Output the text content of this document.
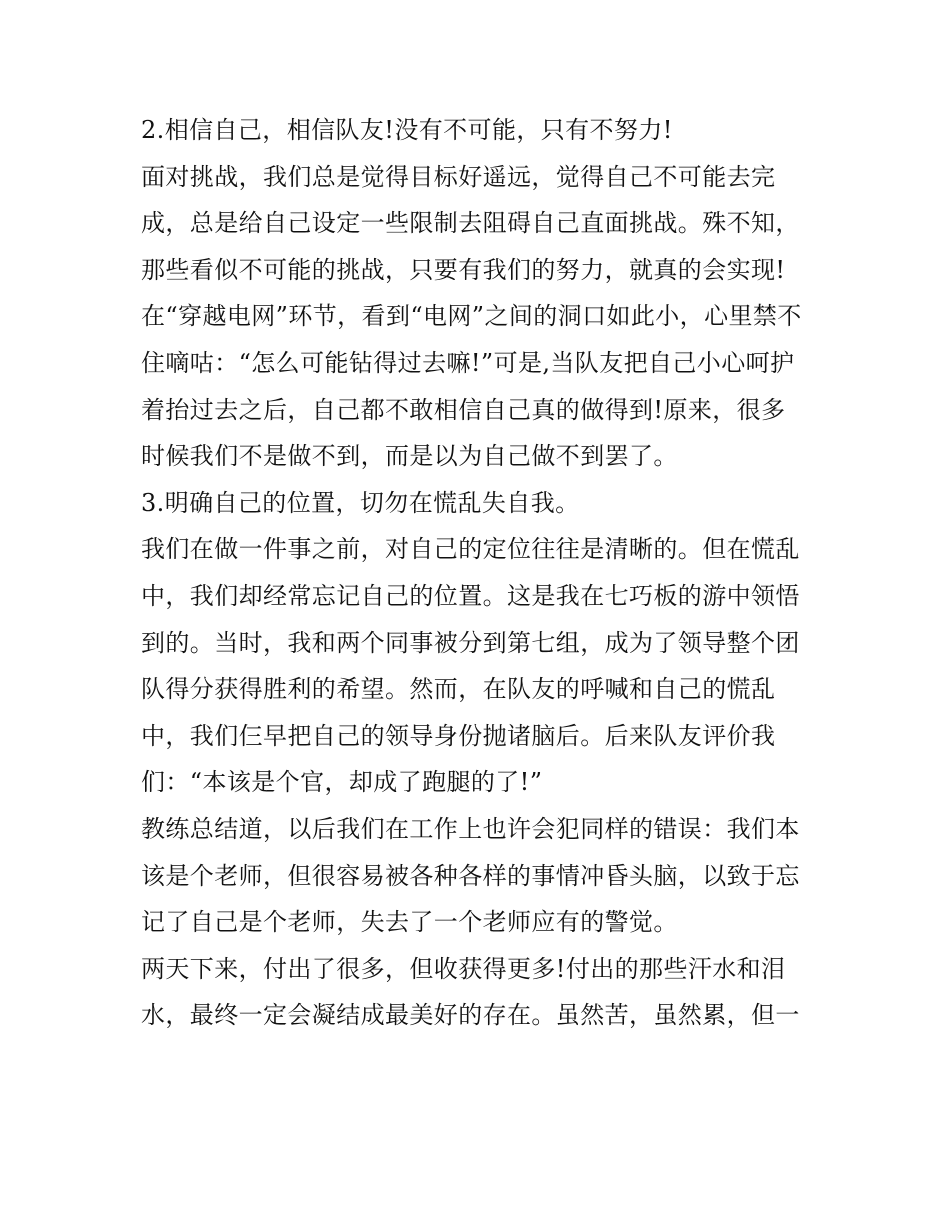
2.相信自己，相信队友!没有不可能，只有不努力!
面对挑战，我们总是觉得目标好遥远，觉得自己不可能去完
成，总是给自己设定一些限制去阻碍自己直面挑战。殊不知，
那些看似不可能的挑战，只要有我们的努力，就真的会实现!
在“穿越电网”环节，看到“电网”之间的洞口如此小，心里禁不
住嘀咕：“怎么可能钻得过去嘛!”可是,当队友把自己小心呵护
着抬过去之后，自己都不敢相信自己真的做得到!原来，很多
时候我们不是做不到，而是以为自己做不到罢了。
3.明确自己的位置，切勿在慌乱失自我。
我们在做一件事之前，对自己的定位往往是清晰的。但在慌乱
中，我们却经常忘记自己的位置。这是我在七巧板的游中领悟
到的。当时，我和两个同事被分到第七组，成为了领导整个团
队得分获得胜利的希望。然而，在队友的呼喊和自己的慌乱
中，我们仨早把自己的领导身份抛诸脑后。后来队友评价我
们：“本该是个官，却成了跑腿的了!”
教练总结道，以后我们在工作上也许会犯同样的错误：我们本
该是个老师，但很容易被各种各样的事情冲昏头脑，以致于忘
记了自己是个老师，失去了一个老师应有的警觉。
两天下来，付出了很多，但收获得更多!付出的那些汗水和泪
水，最终一定会凝结成最美好的存在。虽然苦，虽然累，但一
